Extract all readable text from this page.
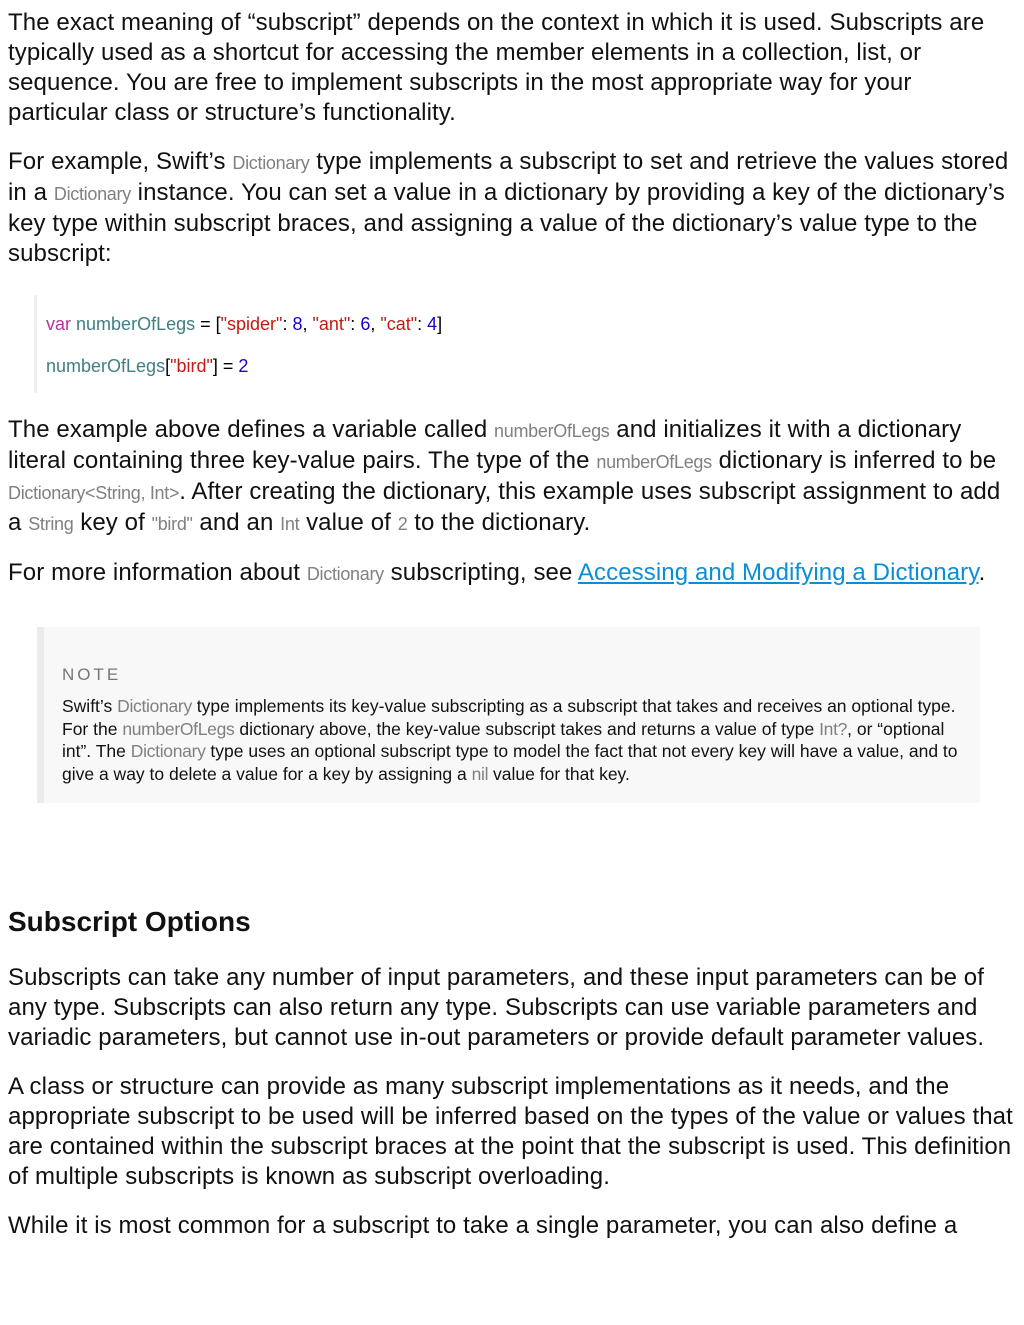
The exact meaning of “subscript” depends on the context in which it is used. Subscripts are typically used as a shortcut for accessing the member elements in a collection, list, or sequence. You are free to implement subscripts in the most appropriate way for your particular class or structure’s functionality.

For example, Swift’s Dictionary type implements a subscript to set and retrieve the values stored in a Dictionary instance. You can set a value in a dictionary by providing a key of the dictionary’s key type within subscript braces, and assigning a value of the dictionary’s value type to the subscript:

var numberOfLegs = ["spider": 8, "ant": 6, "cat": 4]
numberOfLegs["bird"] = 2

The example above defines a variable called numberOfLegs and initializes it with a dictionary literal containing three key-value pairs. The type of the numberOfLegs dictionary is inferred to be Dictionary<String, Int>. After creating the dictionary, this example uses subscript assignment to add a String key of "bird" and an Int value of 2 to the dictionary.

For more information about Dictionary subscripting, see Accessing and Modifying a Dictionary.

NOTE
Swift’s Dictionary type implements its key-value subscripting as a subscript that takes and receives an optional type. For the numberOfLegs dictionary above, the key-value subscript takes and returns a value of type Int?, or “optional int”. The Dictionary type uses an optional subscript type to model the fact that not every key will have a value, and to give a way to delete a value for a key by assigning a nil value for that key.
Subscript Options

Subscripts can take any number of input parameters, and these input parameters can be of any type. Subscripts can also return any type. Subscripts can use variable parameters and variadic parameters, but cannot use in-out parameters or provide default parameter values.

A class or structure can provide as many subscript implementations as it needs, and the appropriate subscript to be used will be inferred based on the types of the value or values that are contained within the subscript braces at the point that the subscript is used. This definition of multiple subscripts is known as subscript overloading.

While it is most common for a subscript to take a single parameter, you can also define a
